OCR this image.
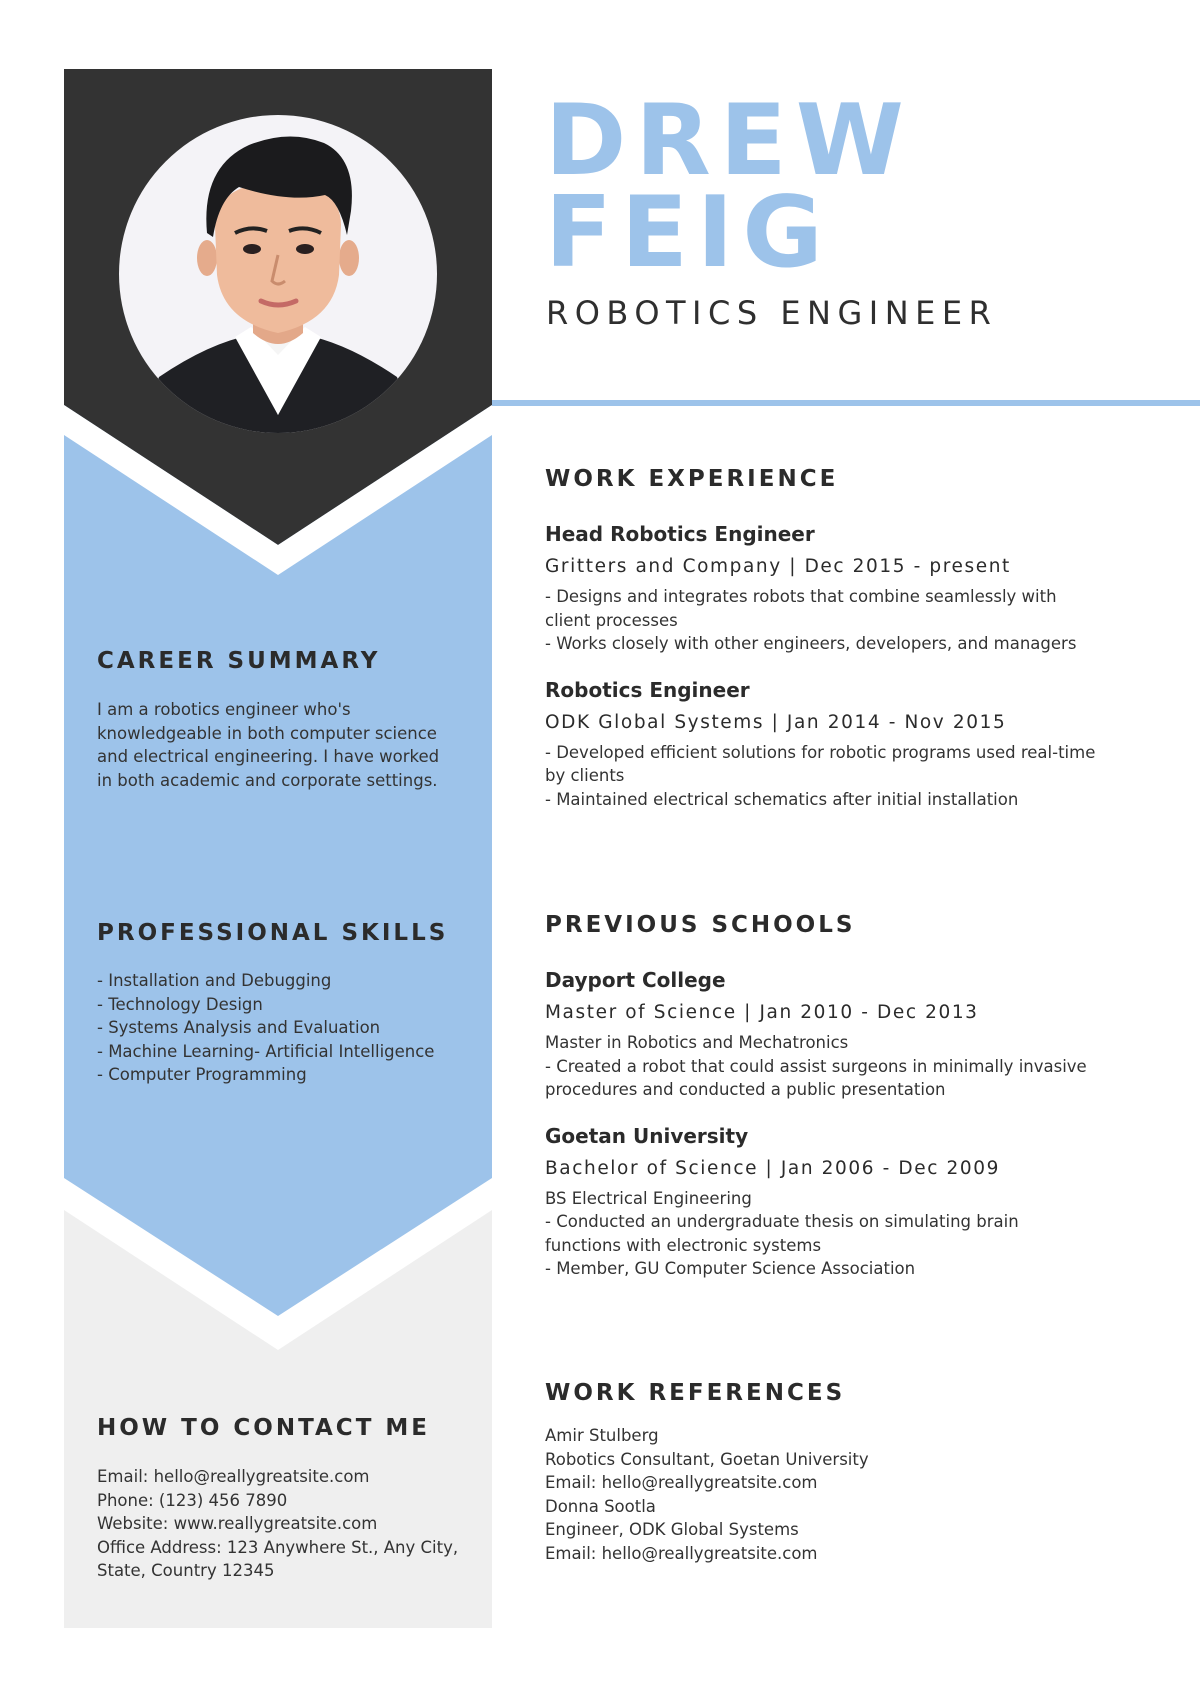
CAREER SUMMARY

I am a robotics engineer who's

knowledgeable in both computer science

and electrical engineering. I have worked

in both academic and corporate settings.

PROFESSIONAL SKILLS

- Installation and Debugging

- Technology Design

- Systems Analysis and Evaluation

- Machine Learning- Artificial Intelligence

- Computer Programming

HOW TO CONTACT ME

Email: hello@reallygreatsite.com

Phone: (123) 456 7890

Website: www.reallygreatsite.com

Office Address: 123 Anywhere St., Any City,

State, Country 12345

DREW
FEIG

ROBOTICS ENGINEER

WORK EXPERIENCE

Head Robotics Engineer

Gritters and Company | Dec 2015 - present

- Designs and integrates robots that combine seamlessly with

client processes

- Works closely with other engineers, developers, and managers

Robotics Engineer

ODK Global Systems | Jan 2014 - Nov 2015

- Developed efficient solutions for robotic programs used real-time

by clients

- Maintained electrical schematics after initial installation

PREVIOUS SCHOOLS

Dayport College

Master of Science | Jan 2010 - Dec 2013

Master in Robotics and Mechatronics

- Created a robot that could assist surgeons in minimally invasive

procedures and conducted a public presentation

Goetan University

Bachelor of Science | Jan 2006 - Dec 2009

BS Electrical Engineering

- Conducted an undergraduate thesis on simulating brain

functions with electronic systems

- Member, GU Computer Science Association

WORK REFERENCES

Amir Stulberg

Robotics Consultant, Goetan University

Email: hello@reallygreatsite.com

Donna Sootla

Engineer, ODK Global Systems

Email: hello@reallygreatsite.com
